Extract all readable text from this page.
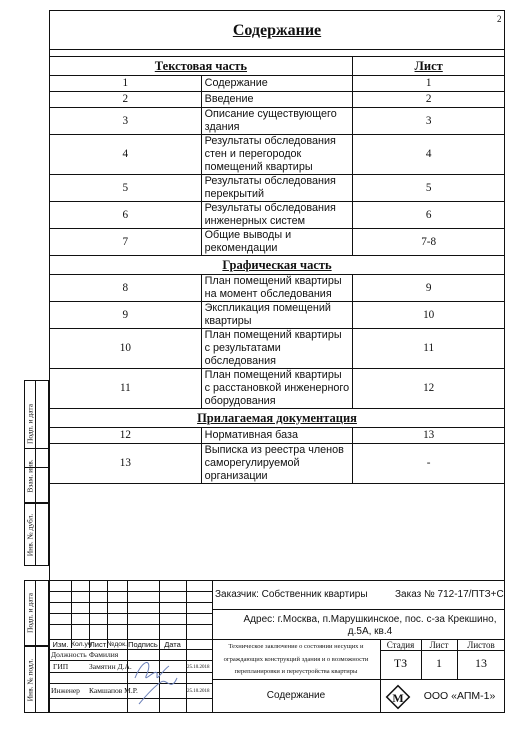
2
Содержание
Текстовая часть		Лист
1	Содержание	1
2	Введение	2
3	Описание существующего здания	3
4	Результаты обследования стен и перегородок помещений квартиры	4
5	Результаты обследования перекрытий	5
6	Результаты обследования инженерных систем	6
7	Общие выводы и рекомендации	7-8
Графическая часть		
8	План помещений квартиры на момент обследования	9
9	Экспликация помещений квартиры	10
10	План помещений квартиры с результатами обследования	11
11	План помещений квартиры с расстановкой инженерного оборудования	12
Прилагаемая документация		
12	Нормативная база	13
13	Выписка из реестра членов саморегулируемой организации	-
Подп. и дата
Взам. инв.
Инв. № дубл.
Подп. и дата
Инв. № подл.
Изм. Кол.уч
Лист №док. Подпись Дата
Должность Фамилия
ГИП	Замятин Д.А.	25.10.2018
Инженер Камшапов М.Р.	25.10.2018
Заказчик: Собственник квартиры	Заказ № 712-17/ПТЗ+С
Адрес: г.Москва, п.Марушкинское, пос. с-за Крекшино, д.5А, кв.4
Техническое заключение о состоянии несущих и ограждающих конструкций здания и о возможности перепланировки и переустройства квартиры
Стадия	Лист	Листов
ТЗ	1	13
Содержание	М	ООО «АПМ-1»
